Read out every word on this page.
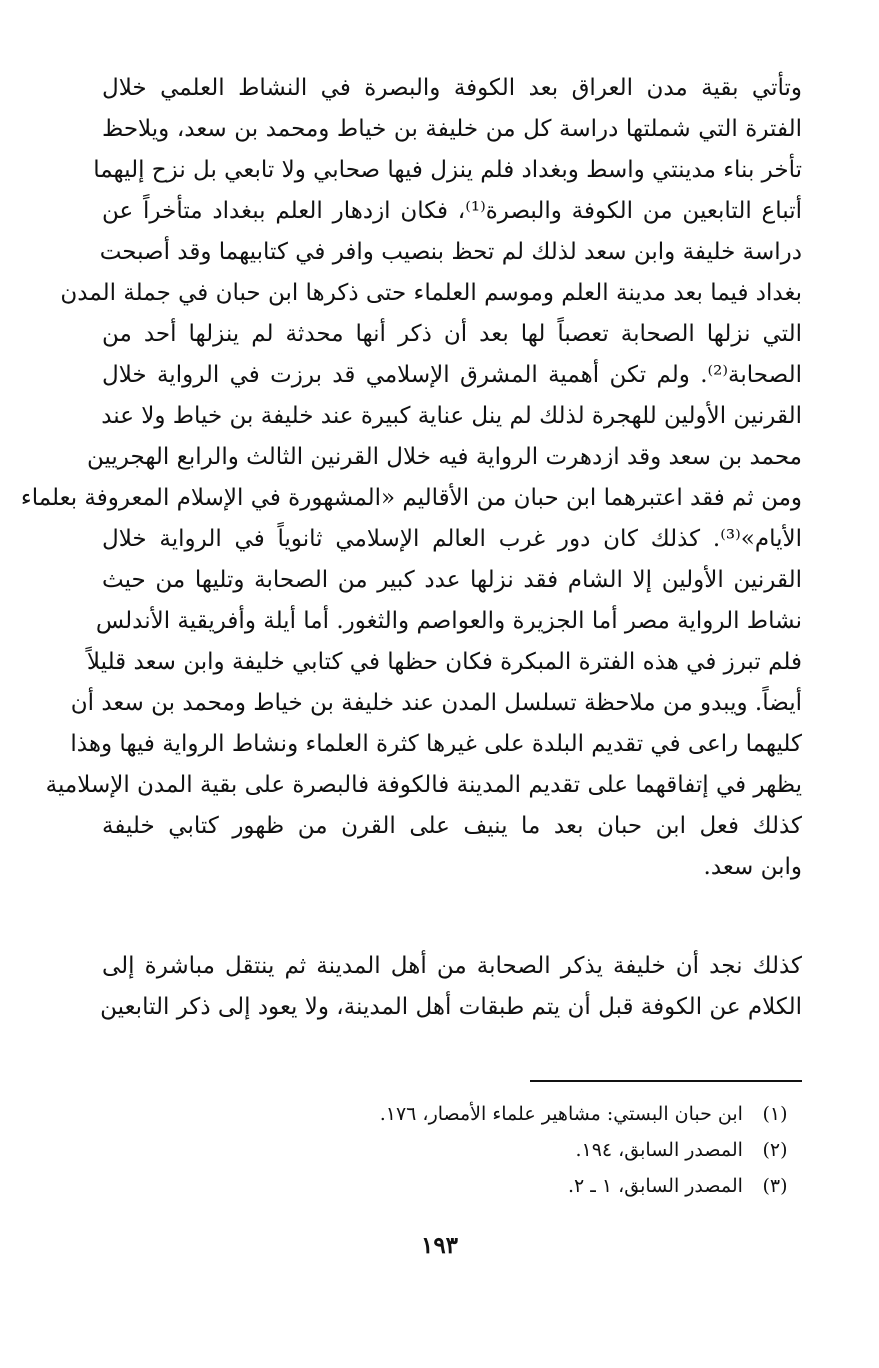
وتأتي بقية مدن العراق بعد الكوفة والبصرة في النشاط العلمي خلال
الفترة التي شملتها دراسة كل من خليفة بن خياط ومحمد بن سعد، ويلاحظ
تأخر بناء مدينتي واسط وبغداد فلم ينزل فيها صحابي ولا تابعي بل نزح إليهما
أتباع التابعين من الكوفة والبصرة⁽¹⁾، فكان ازدهار العلم ببغداد متأخراً عن
دراسة خليفة وابن سعد لذلك لم تحظ بنصيب وافر في كتابيهما وقد أصبحت
بغداد فيما بعد مدينة العلم وموسم العلماء حتى ذكرها ابن حبان في جملة المدن
التي نزلها الصحابة تعصباً لها بعد أن ذكر أنها محدثة لم ينزلها أحد من
الصحابة⁽²⁾. ولم تكن أهمية المشرق الإسلامي قد برزت في الرواية خلال
القرنين الأولين للهجرة لذلك لم ينل عناية كبيرة عند خليفة بن خياط ولا عند
محمد بن سعد وقد ازدهرت الرواية فيه خلال القرنين الثالث والرابع الهجريين
ومن ثم فقد اعتبرهما ابن حبان من الأقاليم «المشهورة في الإسلام المعروفة بعلماء
الأيام»⁽³⁾. كذلك كان دور غرب العالم الإسلامي ثانوياً في الرواية خلال
القرنين الأولين إلا الشام فقد نزلها عدد كبير من الصحابة وتليها من حيث
نشاط الرواية مصر أما الجزيرة والعواصم والثغور. أما أيلة وأفريقية الأندلس
فلم تبرز في هذه الفترة المبكرة فكان حظها في كتابي خليفة وابن سعد قليلاً
أيضاً. ويبدو من ملاحظة تسلسل المدن عند خليفة بن خياط ومحمد بن سعد أن
كليهما راعى في تقديم البلدة على غيرها كثرة العلماء ونشاط الرواية فيها وهذا
يظهر في إتفاقهما على تقديم المدينة فالكوفة فالبصرة على بقية المدن الإسلامية
كذلك فعل ابن حبان بعد ما ينيف على القرن من ظهور كتابي خليفة
وابن سعد.
كذلك نجد أن خليفة يذكر الصحابة من أهل المدينة ثم ينتقل مباشرة إلى
الكلام عن الكوفة قبل أن يتم طبقات أهل المدينة، ولا يعود إلى ذكر التابعين
(١) ابن حبان البستي: مشاهير علماء الأمصار، ١٧٦.
(٢) المصدر السابق، ١٩٤.
(٣) المصدر السابق، ١ ـ ٢.
١٩٣
